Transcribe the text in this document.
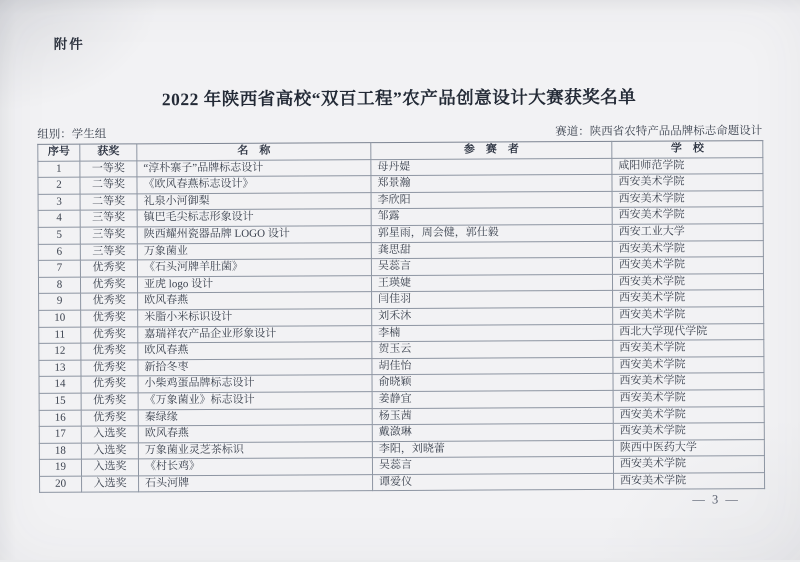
附件
2022 年陕西省高校“双百工程”农产品创意设计大赛获奖名单
组别：学生组	赛道：陕西省农特产品品牌标志命题设计
序号	获奖	名　称	参　赛　者	学　校
1	一等奖	“淳朴寨子”品牌标志设计	母丹媞	咸阳师范学院
2	二等奖	《欧风春燕标志设计》	郑景瀚	西安美术学院
3	二等奖	礼泉小河御梨	李欣阳	西安美术学院
4	三等奖	镇巴毛尖标志形象设计	邹露	西安美术学院
5	三等奖	陕西耀州瓷器品牌 LOGO 设计	郭星雨，周会健，郭仕毅	西安工业大学
6	三等奖	万象菌业	龚思甜	西安美术学院
7	优秀奖	《石头河牌羊肚菌》	吴蕊言	西安美术学院
8	优秀奖	亚虎 logo 设计	王瑛婕	西安美术学院
9	优秀奖	欧风春燕	闫佳羽	西安美术学院
10	优秀奖	米脂小米标识设计	刘禾沐	西安美术学院
11	优秀奖	嘉瑞祥农产品企业形象设计	李楠	西北大学现代学院
12	优秀奖	欧风春燕	贺玉云	西安美术学院
13	优秀奖	新拾冬枣	胡佳怡	西安美术学院
14	优秀奖	小柴鸡蛋品牌标志设计	俞晓颖	西安美术学院
15	优秀奖	《万象菌业》标志设计	姜静宜	西安美术学院
16	优秀奖	秦绿缘	杨玉茜	西安美术学院
17	入选奖	欧风春燕	戴潋琳	西安美术学院
18	入选奖	万象菌业灵芝茶标识	李阳，刘晓蕾	陕西中医药大学
19	入选奖	《村长鸡》	吴蕊言	西安美术学院
20	入选奖	石头河牌	谭爱仪	西安美术学院
— 3 —
